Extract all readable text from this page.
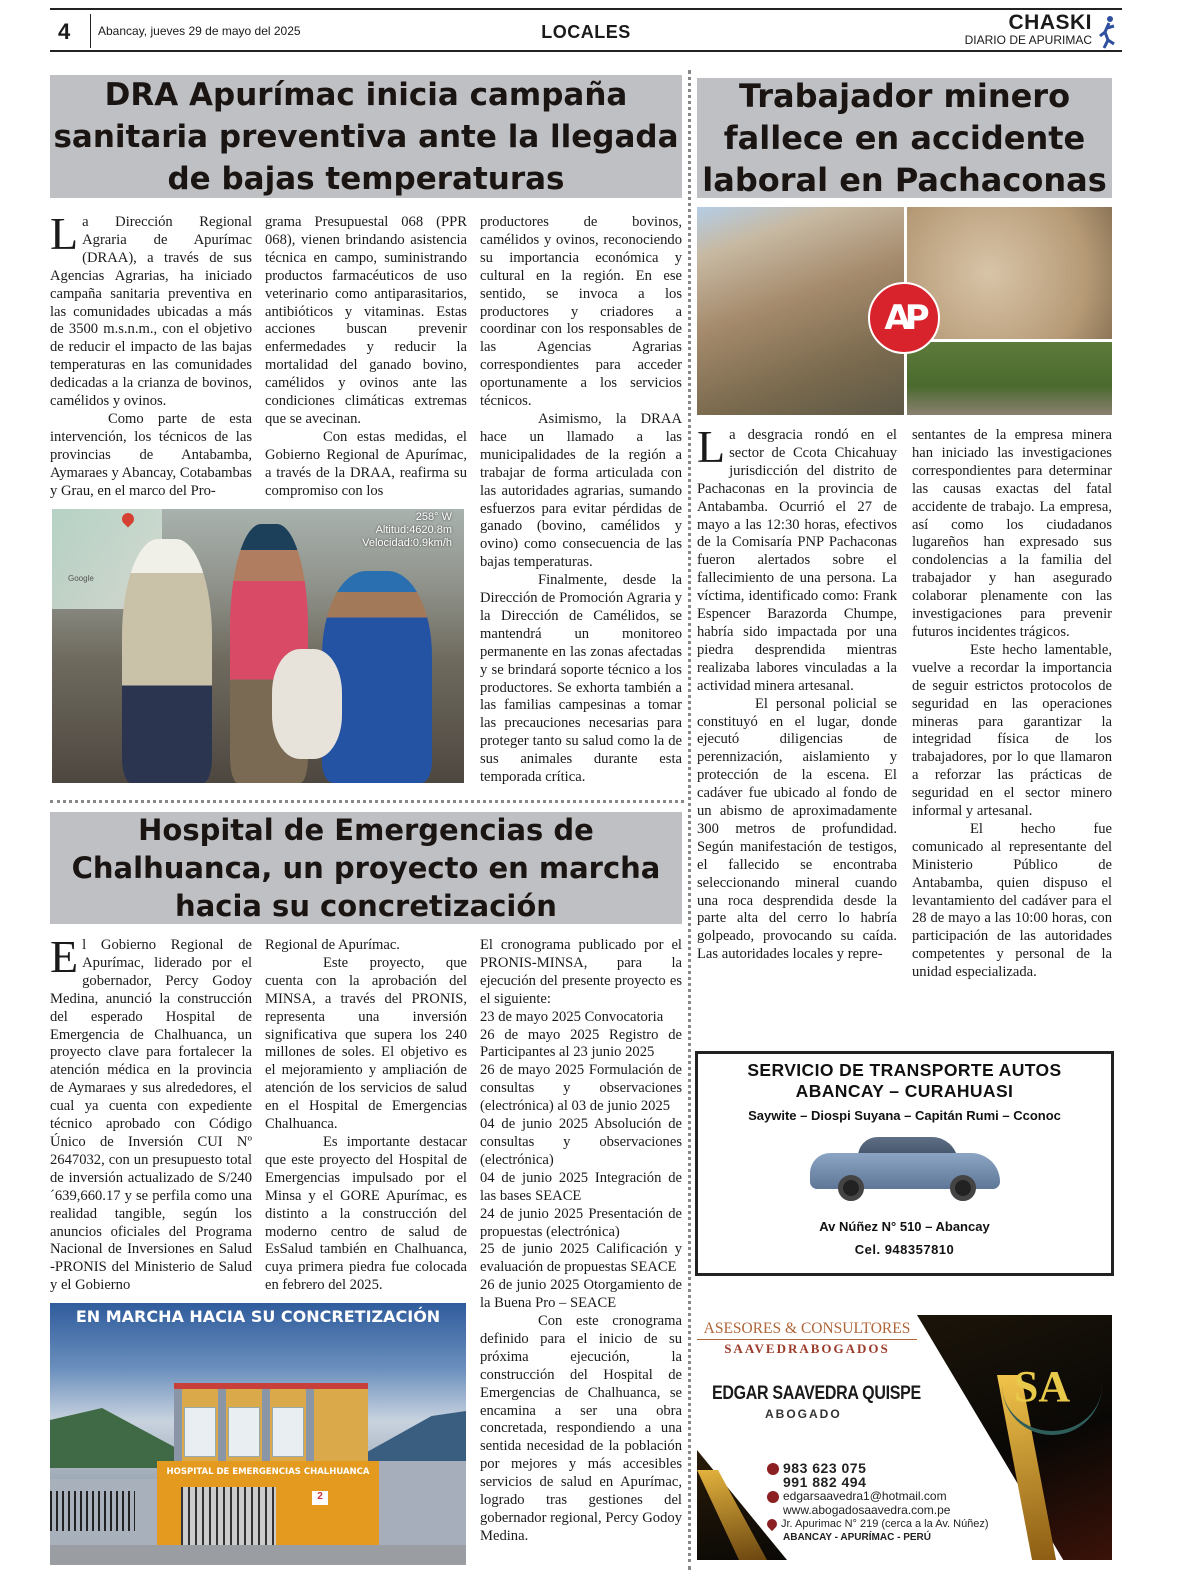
4 Abancay, jueves 29 de mayo del 2025	LOCALES	CHASKI
DIARIO DE APURIMAC
DRA Apurímac inicia campaña sanitaria preventiva ante la llegada de bajas temperaturas

La Dirección Regional Agraria de Apurímac (DRAA), a través de sus Agencias Agrarias, ha iniciado campaña sanitaria preventiva en las comunidades ubicadas a más de 3500 m.s.n.m., con el objetivo de reducir el impacto de las bajas temperaturas en las comunidades dedicadas a la crianza de bovinos, camélidos y ovinos.

Como parte de esta intervención, los técnicos de las provincias de Antabamba, Aymaraes y Abancay, Cotabambas y Grau, en el marco del Pro-

grama Presupuestal 068 (PPR 068), vienen brindando asistencia técnica en campo, suministrando productos farmacéuticos de uso veterinario como antiparasitarios, antibióticos y vitaminas. Estas acciones buscan prevenir enfermedades y reducir la mortalidad del ganado bovino, camélidos y ovinos ante las condiciones climáticas extremas que se avecinan.

Con estas medidas, el Gobierno Regional de Apurímac, a través de la DRAA, reafirma su compromiso con los

productores de bovinos, camélidos y ovinos, reconociendo su importancia económica y cultural en la región. En ese sentido, se invoca a los productores y criadores a coordinar con los responsables de las Agencias Agrarias correspondientes para acceder oportunamente a los servicios técnicos.

Asimismo, la DRAA hace un llamado a las municipalidades de la región a trabajar de forma articulada con las autoridades agrarias, sumando esfuerzos para evitar pérdidas de ganado (bovino, camélidos y ovino) como consecuencia de las bajas temperaturas.

Finalmente, desde la Dirección de Promoción Agraria y la Dirección de Camélidos, se mantendrá un monitoreo permanente en las zonas afectadas y se brindará soporte técnico a los productores. Se exhorta también a las familias campesinas a tomar las precauciones necesarias para proteger tanto su salud como la de sus animales durante esta temporada crítica.

Google
258° W
Altitud:4620.8m
Velocidad:0.9km/h
Hospital de Emergencias de Chalhuanca, un proyecto en marcha hacia su concretización

El Gobierno Regional de Apurímac, liderado por el gobernador, Percy Godoy Medina, anunció la construcción del esperado Hospital de Emergencia de Chalhuanca, un proyecto clave para fortalecer la atención médica en la provincia de Aymaraes y sus alrededores, el cual ya cuenta con expediente técnico aprobado con Código Único de Inversión CUI Nº 2647032, con un presupuesto total de inversión actualizado de S/240´639,660.17 y se perfila como una realidad tangible, según los anuncios oficiales del Programa Nacional de Inversiones en Salud -PRONIS del Ministerio de Salud y el Gobierno

Regional de Apurímac.

Este proyecto, que cuenta con la aprobación del MINSA, a través del PRONIS, representa una inversión significativa que supera los 240 millones de soles. El objetivo es el mejoramiento y ampliación de atención de los servicios de salud en el Hospital de Emergencias Chalhuanca.

Es importante destacar que este proyecto del Hospital de Emergencias impulsado por el Minsa y el GORE Apurímac, es distinto a la construcción del moderno centro de salud de EsSalud también en Chalhuanca, cuya primera piedra fue colocada en febrero del 2025.

El cronograma publicado por el PRONIS-MINSA, para la ejecución del presente proyecto es el siguiente:

23 de mayo 2025 Convocatoria

26 de mayo 2025 Registro de Participantes al 23 junio 2025

26 de mayo 2025 Formulación de consultas y observaciones (electrónica) al 03 de junio 2025

04 de junio 2025 Absolución de consultas y observaciones (electrónica)

04 de junio 2025 Integración de las bases SEACE

24 de junio 2025 Presentación de propuestas (electrónica)

25 de junio 2025 Calificación y evaluación de propuestas SEACE

26 de junio 2025 Otorgamiento de la Buena Pro – SEACE

Con este cronograma definido para el inicio de su próxima ejecución, la construcción del Hospital de Emergencias de Chalhuanca, se encamina a ser una obra concretada, respondiendo a una sentida necesidad de la población por mejores y más accesibles servicios de salud en Apurímac, logrado tras gestiones del gobernador regional, Percy Godoy Medina.

EN MARCHA HACIA SU CONCRETIZACIÓN
HOSPITAL DE EMERGENCIAS CHALHUANCA
2
Trabajador minero fallece en accidente laboral en Pachaconas
AP

La desgracia rondó en el sector de Ccota Chicahuay jurisdicción del distrito de Pachaconas en la provincia de Antabamba. Ocurrió el 27 de mayo a las 12:30 horas, efectivos de la Comisaría PNP Pachaconas fueron alertados sobre el fallecimiento de una persona. La víctima, identificado como: Frank Espencer Barazorda Chumpe, habría sido impactada por una piedra desprendida mientras realizaba labores vinculadas a la actividad minera artesanal.

El personal policial se constituyó en el lugar, donde ejecutó diligencias de perennización, aislamiento y protección de la escena. El cadáver fue ubicado al fondo de un abismo de aproximadamente 300 metros de profundidad. Según manifestación de testigos, el fallecido se encontraba seleccionando mineral cuando una roca desprendida desde la parte alta del cerro lo habría golpeado, provocando su caída. Las autoridades locales y repre-

sentantes de la empresa minera han iniciado las investigaciones correspondientes para determinar las causas exactas del fatal accidente de trabajo. La empresa, así como los ciudadanos lugareños han expresado sus condolencias a la familia del trabajador y han asegurado colaborar plenamente con las investigaciones para prevenir futuros incidentes trágicos.

Este hecho lamentable, vuelve a recordar la importancia de seguir estrictos protocolos de seguridad en las operaciones mineras para garantizar la integridad física de los trabajadores, por lo que llamaron a reforzar las prácticas de seguridad en el sector minero informal y artesanal.

El hecho fue comunicado al representante del Ministerio Público de Antabamba, quien dispuso el levantamiento del cadáver para el 28 de mayo a las 10:00 horas, con participación de las autoridades competentes y personal de la unidad especializada.

SERVICIO DE TRANSPORTE AUTOS
ABANCAY – CURAHUASI
Saywite – Diospi Suyana – Capitán Rumi – Cconoc
Av Núñez N° 510 – Abancay
Cel. 948357810
SA
ASESORES & CONSULTORES
SAAVEDRABOGADOS
EDGAR SAAVEDRA QUISPE
ABOGADO
983 623 075
991 882 494
edgarsaavedra1@hotmail.com
www.abogadosaavedra.com.pe
Jr. Apurimac N° 219 (cerca a la Av. Núñez)
ABANCAY - APURÍMAC - PERÚ
